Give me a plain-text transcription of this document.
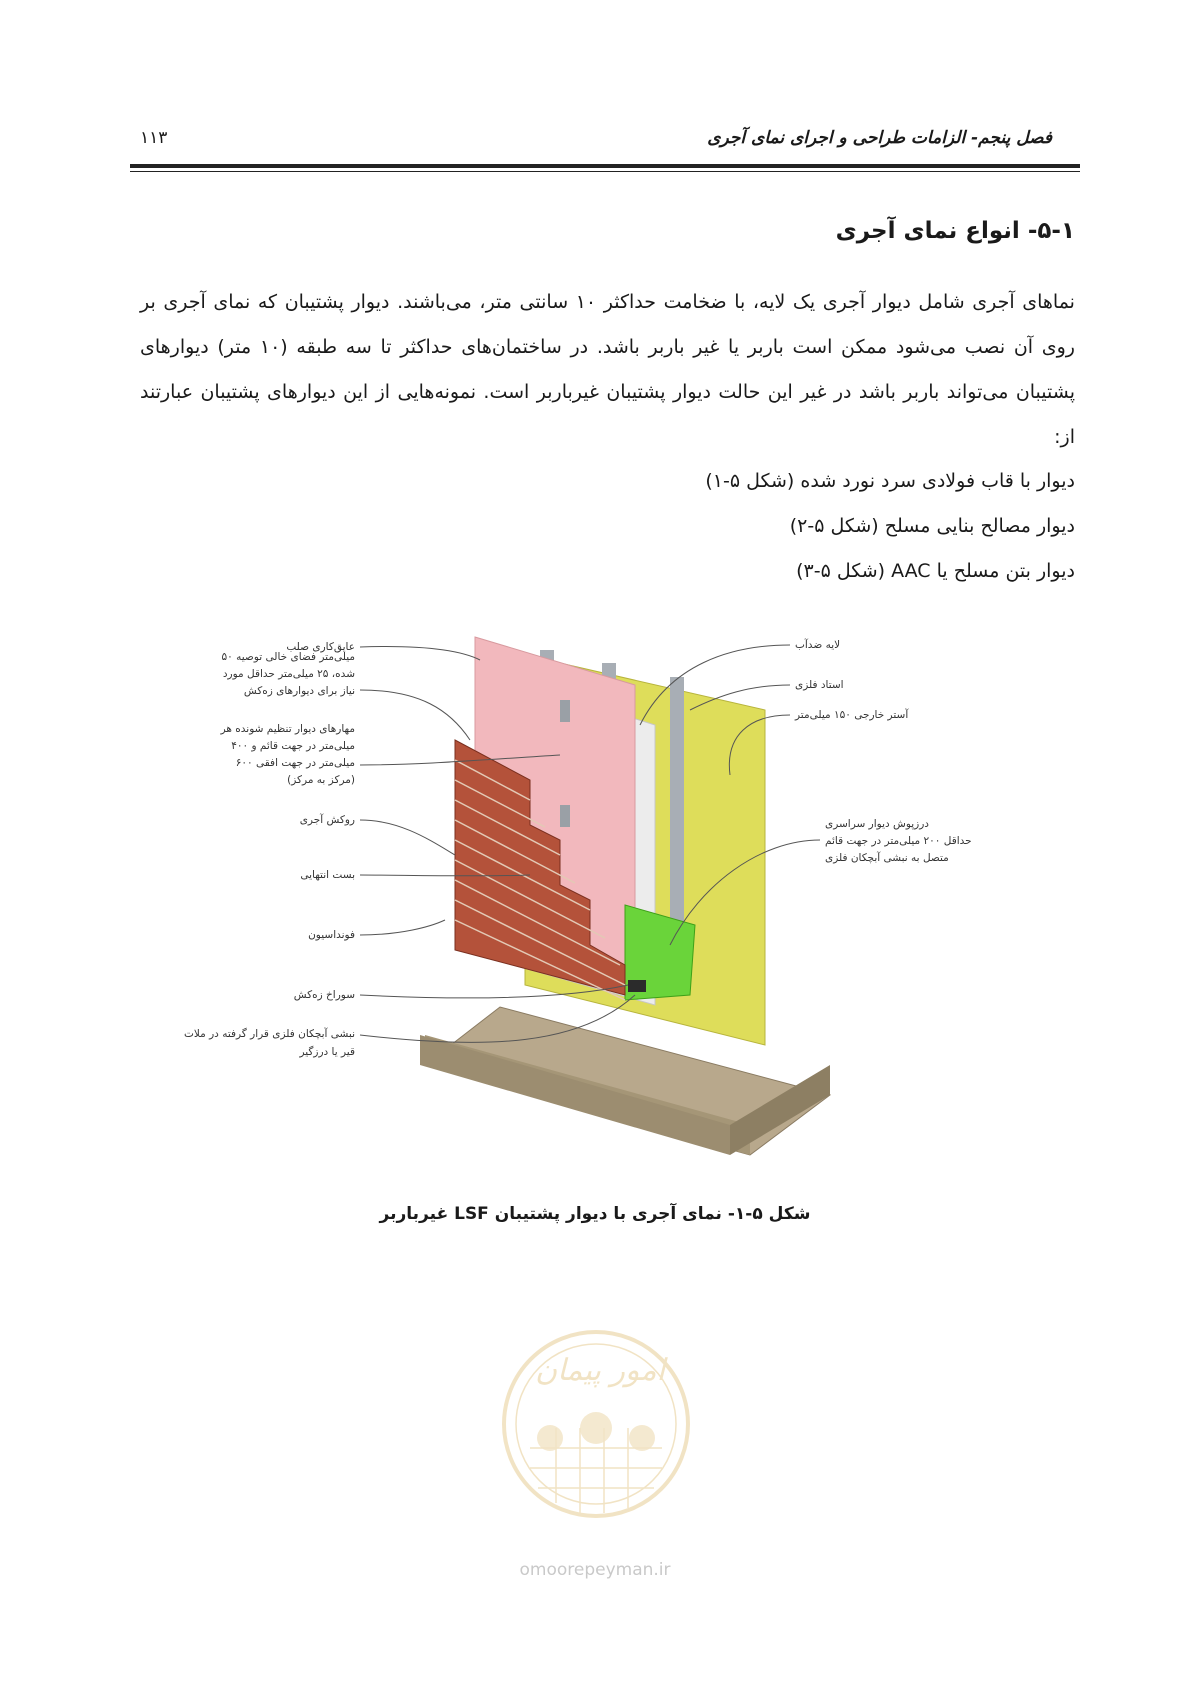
فصل پنجم- الزامات طراحی و اجرای نمای آجری
۱۱۳
۵-۱- انواع نمای آجری
نماهای آجری شامل دیوار آجری یک لایه، با ضخامت حداکثر ۱۰ سانتی متر، می‌باشند. دیوار پشتیبان که نمای آجری بر روی آن نصب می‌شود ممکن است باربر یا غیر باربر باشد. در ساختمان‌های حداکثر تا سه طبقه (۱۰ متر) دیوارهای پشتیبان می‌تواند باربر باشد در غیر این حالت دیوار پشتیبان غیرباربر است. نمونه‌هایی از این دیوارهای پشتیبان عبارتند از:
دیوار با قاب فولادی سرد نورد شده (شکل ۵-۱)
دیوار مصالح بنایی مسلح (شکل ۵-۲)
دیوار بتن مسلح یا AAC (شکل ۵-۳)
عایق‌کاری صلب
۵۰ میلی‌متر فضای خالی توصیه
شده، ۲۵ میلی‌متر حداقل مورد
نیاز برای دیوارهای زه‌کش
مهارهای دیوار تنظیم شونده هر
۴۰۰ میلی‌متر در جهت قائم و
۶۰۰ میلی‌متر در جهت افقی
(مرکز به مرکز)
روکش آجری
بست انتهایی
فونداسیون
سوراخ زه‌کش
نبشی آبچکان فلزی قرار گرفته در ملات
قیر یا درزگیر
لایه ضدآب
استاد فلزی
آستر خارجی ۱۵۰ میلی‌متر
درزپوش دیوار سراسری
حداقل ۲۰۰ میلی‌متر در جهت قائم
متصل به نبشی آبچکان فلزی
شکل ۵-۱- نمای آجری با دیوار پشتیبان LSF غیرباربر
امور پیمان
omoorepeyman.ir
